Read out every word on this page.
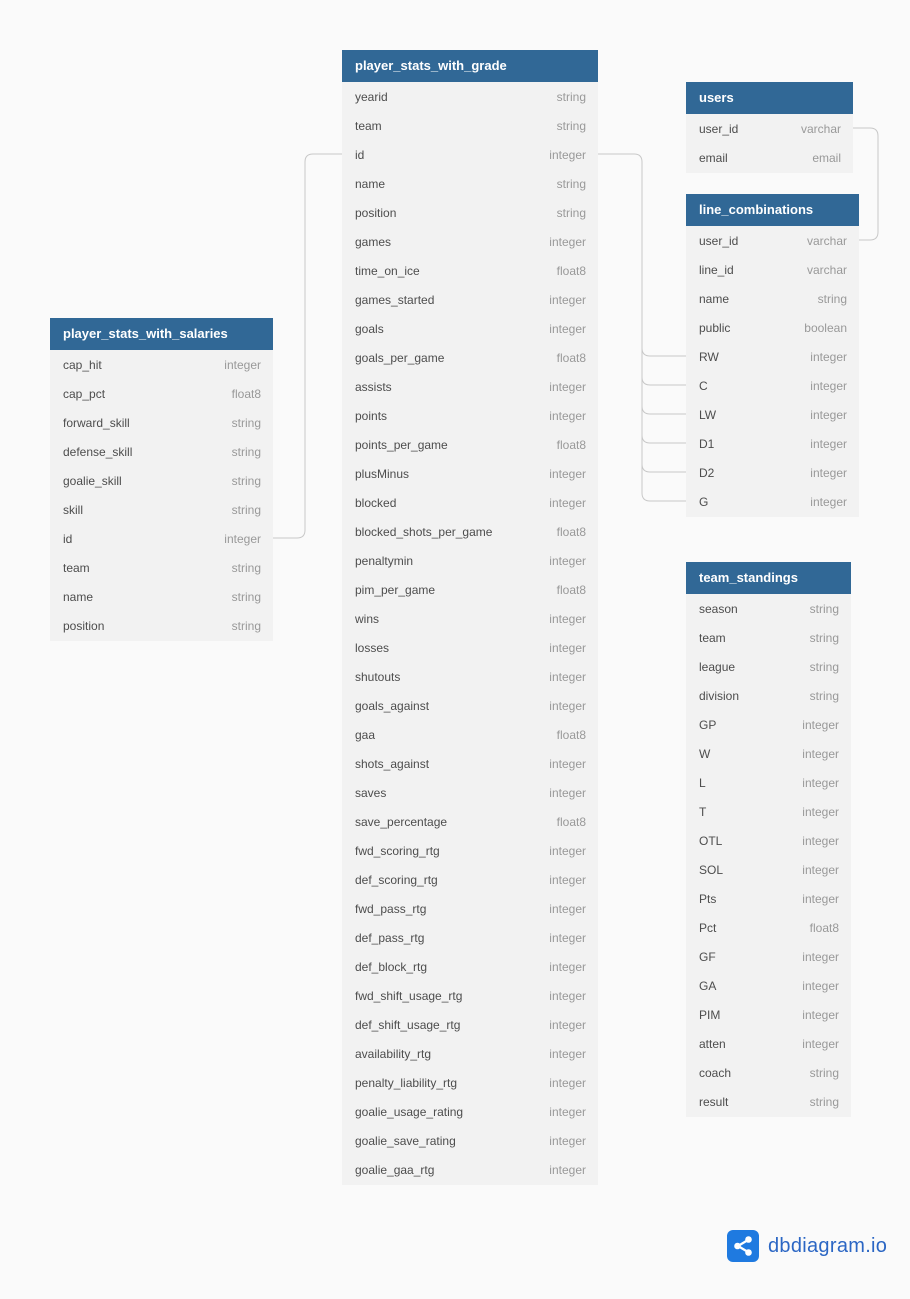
player_stats_with_grade
yearid	string
team	string
id	integer
name	string
position	string
games	integer
time_on_ice	float8
games_started	integer
goals	integer
goals_per_game	float8
assists	integer
points	integer
points_per_game	float8
plusMinus	integer
blocked	integer
blocked_shots_per_game	float8
penaltymin	integer
pim_per_game	float8
wins	integer
losses	integer
shutouts	integer
goals_against	integer
gaa	float8
shots_against	integer
saves	integer
save_percentage	float8
fwd_scoring_rtg	integer
def_scoring_rtg	integer
fwd_pass_rtg	integer
def_pass_rtg	integer
def_block_rtg	integer
fwd_shift_usage_rtg	integer
def_shift_usage_rtg	integer
availability_rtg	integer
penalty_liability_rtg	integer
goalie_usage_rating	integer
goalie_save_rating	integer
goalie_gaa_rtg	integer
users
user_id	varchar
email	email
line_combinations
user_id	varchar
line_id	varchar
name	string
public	boolean
RW	integer
C	integer
LW	integer
D1	integer
D2	integer
G	integer
player_stats_with_salaries
cap_hit	integer
cap_pct	float8
forward_skill	string
defense_skill	string
goalie_skill	string
skill	string
id	integer
team	string
name	string
position	string
team_standings
season	string
team	string
league	string
division	string
GP	integer
W	integer
L	integer
T	integer
OTL	integer
SOL	integer
Pts	integer
Pct	float8
GF	integer
GA	integer
PIM	integer
atten	integer
coach	string
result	string
dbdiagram.io
